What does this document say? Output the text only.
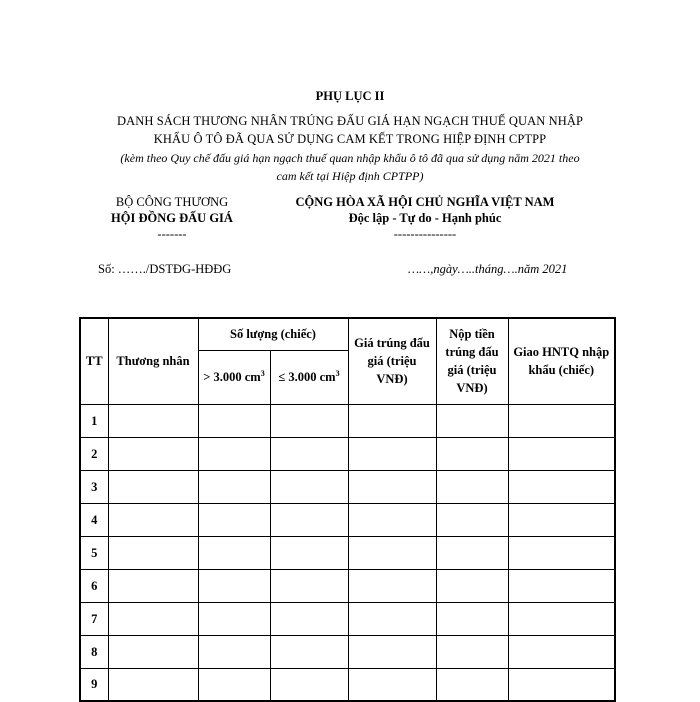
PHỤ LỤC II
DANH SÁCH THƯƠNG NHÂN TRÚNG ĐẤU GIÁ HẠN NGẠCH THUẾ QUAN NHẬP
KHẨU Ô TÔ ĐÃ QUA SỬ DỤNG CAM KẾT TRONG HIỆP ĐỊNH CPTPP
(kèm theo Quy chế đấu giá hạn ngạch thuế quan nhập khẩu ô tô đã qua sử dụng năm 2021 theo
cam kết tại Hiệp định CPTPP)
BỘ CÔNG THƯƠNG
HỘI ĐỒNG ĐẤU GIÁ
-------
CỘNG HÒA XÃ HỘI CHỦ NGHĨA VIỆT NAM
Độc lập - Tự do - Hạnh phúc
---------------
Số: ……./DSTĐG-HĐĐG	……,ngày…..tháng….năm 2021
TT	Thương nhân	Số lượng (chiếc)		Giá trúng đấu giá (triệu VNĐ)	Nộp tiền trúng đấu giá (triệu VNĐ)	Giao HNTQ nhập khẩu (chiếc)
		> 3.000 $cm^3$	≤ 3.000 $cm^3$
1						
2						
3						
4						
5						
6						
7						
8						
9						
